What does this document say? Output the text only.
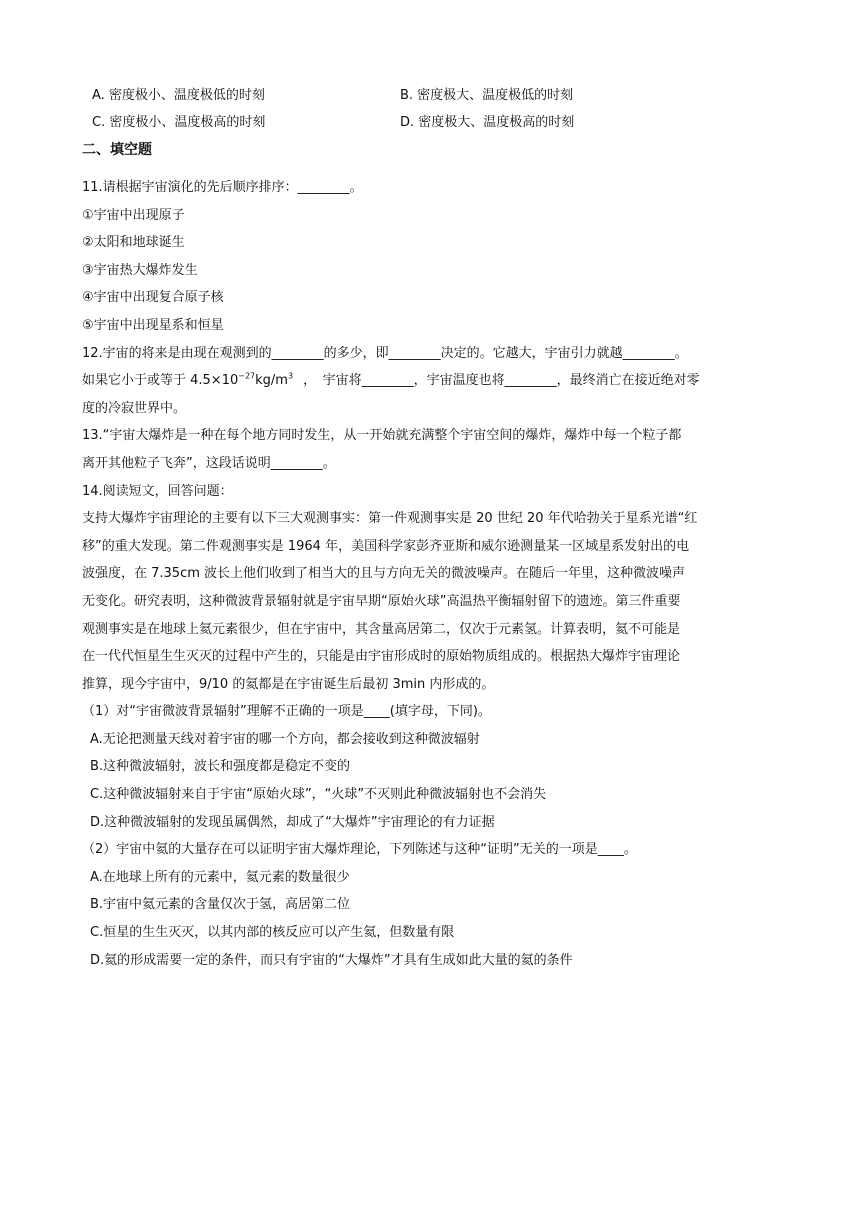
A. 密度极小、温度极低的时刻	B. 密度极大、温度极低的时刻
C. 密度极小、温度极高的时刻	D. 密度极大、温度极高的时刻
二、填空题
11.请根据宇宙演化的先后顺序排序：________。
①宇宙中出现原子
②太阳和地球诞生
③宇宙热大爆炸发生
④宇宙中出现复合原子核
⑤宇宙中出现星系和恒星
12.宇宙的将来是由现在观测到的________的多少，即________决定的。它越大，宇宙引力就越________。
如果它小于或等于 $4.5\times 10^{-27}kg/m^3$ ，　宇宙将________，宇宙温度也将________，最终消亡在接近绝对零
度的冷寂世界中。
13.“宇宙大爆炸是一种在每个地方同时发生，从一开始就充满整个宇宙空间的爆炸，爆炸中每一个粒子都
离开其他粒子飞奔”，这段话说明________。
14.阅读短文，回答问题：
支持大爆炸宇宙理论的主要有以下三大观测事实：第一件观测事实是 20 世纪 20 年代哈勃关于星系光谱“红
移”的重大发现。第二件观测事实是 1964 年，美国科学家彭齐亚斯和威尔逊测量某一区域星系发射出的电
波强度，在 7.35cm 波长上他们收到了相当大的且与方向无关的微波噪声。在随后一年里，这种微波噪声
无变化。研究表明，这种微波背景辐射就是宇宙早期“原始火球”高温热平衡辐射留下的遗迹。第三件重要
观测事实是在地球上氦元素很少，但在宇宙中，其含量高居第二，仅次于元素氢。计算表明，氦不可能是
在一代代恒星生生灭灭的过程中产生的，只能是由宇宙形成时的原始物质组成的。根据热大爆炸宇宙理论
推算，现今宇宙中，9/10 的氦都是在宇宙诞生后最初 3min 内形成的。
（1）对“宇宙微波背景辐射”理解不正确的一项是____(填字母，下同)。
A.无论把测量天线对着宇宙的哪一个方向，都会接收到这种微波辐射
B.这种微波辐射，波长和强度都是稳定不变的
C.这种微波辐射来自于宇宙“原始火球”，“火球”不灭则此种微波辐射也不会消失
D.这种微波辐射的发现虽属偶然，却成了“大爆炸”宇宙理论的有力证据
（2）宇宙中氦的大量存在可以证明宇宙大爆炸理论，下列陈述与这种“证明”无关的一项是____。
A.在地球上所有的元素中，氦元素的数量很少
B.宇宙中氦元素的含量仅次于氢，高居第二位
C.恒星的生生灭灭，以其内部的核反应可以产生氦，但数量有限
D.氦的形成需要一定的条件，而只有宇宙的“大爆炸”才具有生成如此大量的氦的条件
